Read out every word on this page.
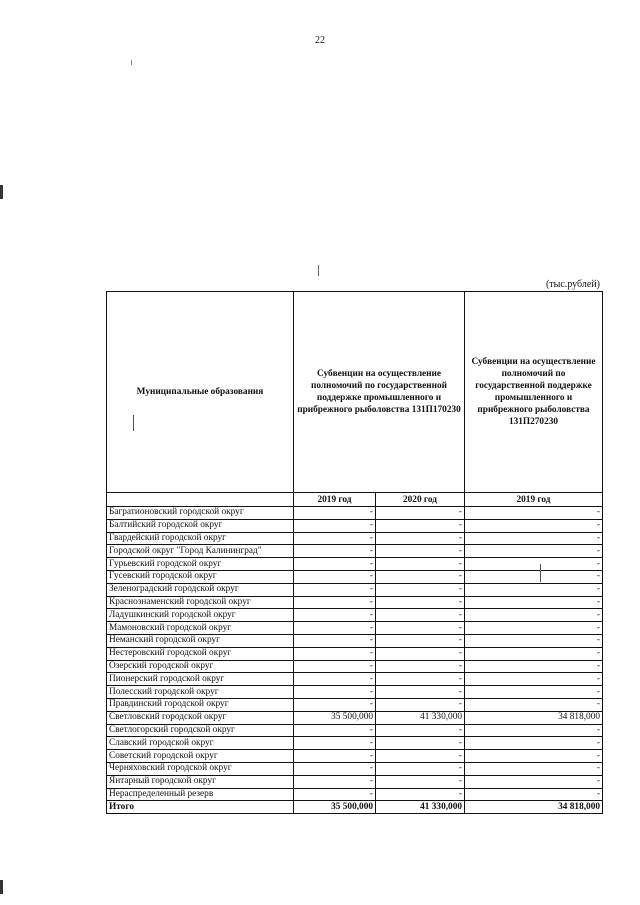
22
(тыс.рублей)
Муниципальные образования	Субвенции на осуществление полномочий по государственной поддержке промышленного и прибрежного рыболовства 131П170230		Субвенции на осуществление полномочий по государственной поддержке промышленного и прибрежного рыболовства 131П270230
	2019 год	2020 год	2019 год
Багратионовский городской округ	-	-	-
Балтийский городской округ	-	-	-
Гвардейский городской округ	-	-	-
Городской округ "Город Калининград"	-	-	-
Гурьевский городской округ	-	-	-
Гусевский городской округ	-	-	-
Зеленоградский городской округ	-	-	-
Краснознаменский городской округ	-	-	-
Ладушкинский городской округ	-	-	-
Мамоновский городской округ	-	-	-
Неманский городской округ	-	-	-
Нестеровский городской округ	-	-	-
Озерский городской округ	-	-	-
Пионерский городской округ	-	-	-
Полесский городской округ	-	-	-
Правдинский городской округ	-	-	-
Светловский городской округ	35 500,000	41 330,000	34 818,000
Светлогорский городской округ	-	-	-
Славский городской округ	-	-	-
Советский городской округ	-	-	-
Черняховский городской округ	-	-	-
Янтарный городской округ	-	-	-
Нераспределенный резерв	-	-	-
Итого	35 500,000	41 330,000	34 818,000
